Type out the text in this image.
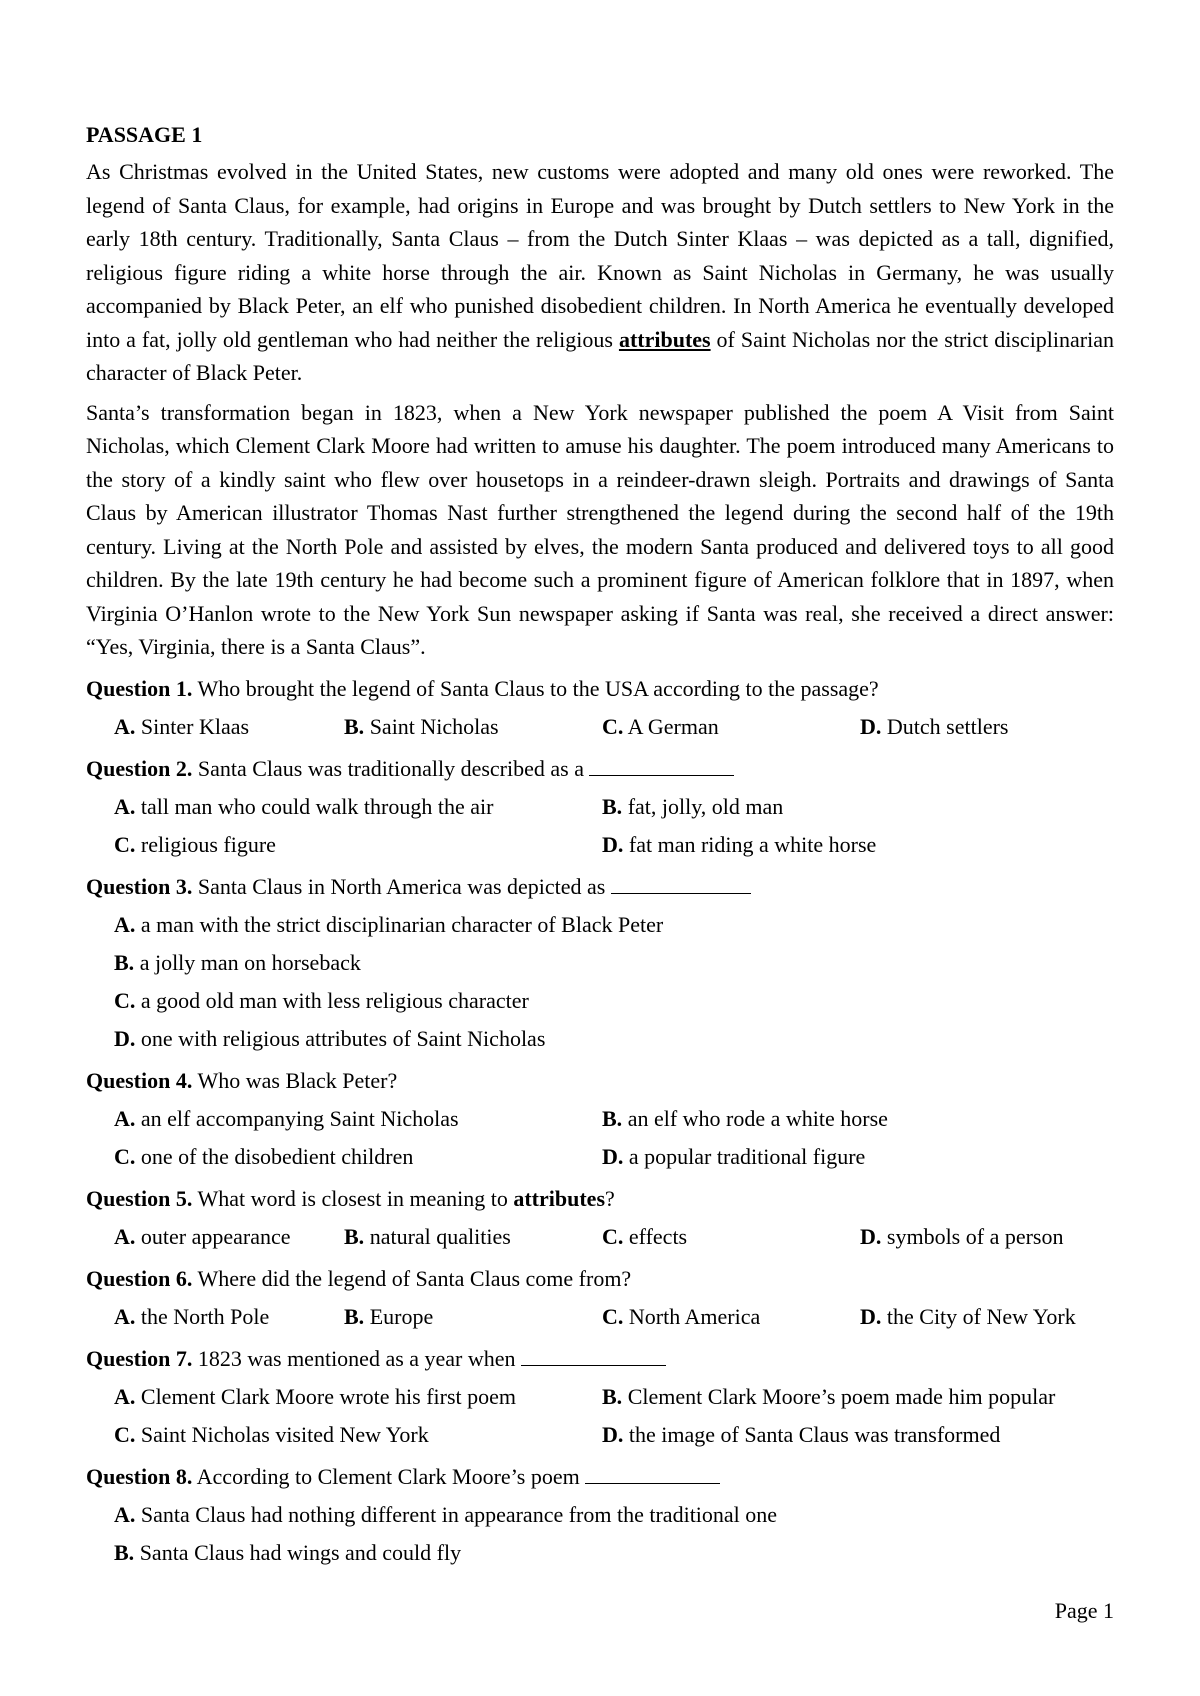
PASSAGE 1

As Christmas evolved in the United States, new customs were adopted and many old ones were reworked. The legend of Santa Claus, for example, had origins in Europe and was brought by Dutch settlers to New York in the early 18th century. Traditionally, Santa Claus – from the Dutch Sinter Klaas – was depicted as a tall, dignified, religious figure riding a white horse through the air. Known as Saint Nicholas in Germany, he was usually accompanied by Black Peter, an elf who punished disobedient children. In North America he eventually developed into a fat, jolly old gentleman who had neither the religious attributes of Saint Nicholas nor the strict disciplinarian character of Black Peter.

Santa’s transformation began in 1823, when a New York newspaper published the poem A Visit from Saint Nicholas, which Clement Clark Moore had written to amuse his daughter. The poem introduced many Americans to the story of a kindly saint who flew over housetops in a reindeer-drawn sleigh. Portraits and drawings of Santa Claus by American illustrator Thomas Nast further strengthened the legend during the second half of the 19th century. Living at the North Pole and assisted by elves, the modern Santa produced and delivered toys to all good children. By the late 19th century he had become such a prominent figure of American folklore that in 1897, when Virginia O’Hanlon wrote to the New York Sun newspaper asking if Santa was real, she received a direct answer: “Yes, Virginia, there is a Santa Claus”.

Question 1. Who brought the legend of Santa Claus to the USA according to the passage?
A. Sinter Klaas	B. Saint Nicholas	C. A German	D. Dutch settlers
Question 2. Santa Claus was traditionally described as a
A. tall man who could walk through the air	B. fat, jolly, old man
C. religious figure	D. fat man riding a white horse
Question 3. Santa Claus in North America was depicted as
A. a man with the strict disciplinarian character of Black Peter
B. a jolly man on horseback
C. a good old man with less religious character
D. one with religious attributes of Saint Nicholas
Question 4. Who was Black Peter?
A. an elf accompanying Saint Nicholas	B. an elf who rode a white horse
C. one of the disobedient children	D. a popular traditional figure
Question 5. What word is closest in meaning to attributes?
A. outer appearance	B. natural qualities	C. effects	D. symbols of a person
Question 6. Where did the legend of Santa Claus come from?
A. the North Pole	B. Europe	C. North America	D. the City of New York
Question 7. 1823 was mentioned as a year when
A. Clement Clark Moore wrote his first poem	B. Clement Clark Moore’s poem made him popular
C. Saint Nicholas visited New York	D. the image of Santa Claus was transformed
Question 8. According to Clement Clark Moore’s poem
A. Santa Claus had nothing different in appearance from the traditional one
B. Santa Claus had wings and could fly
Page 1
